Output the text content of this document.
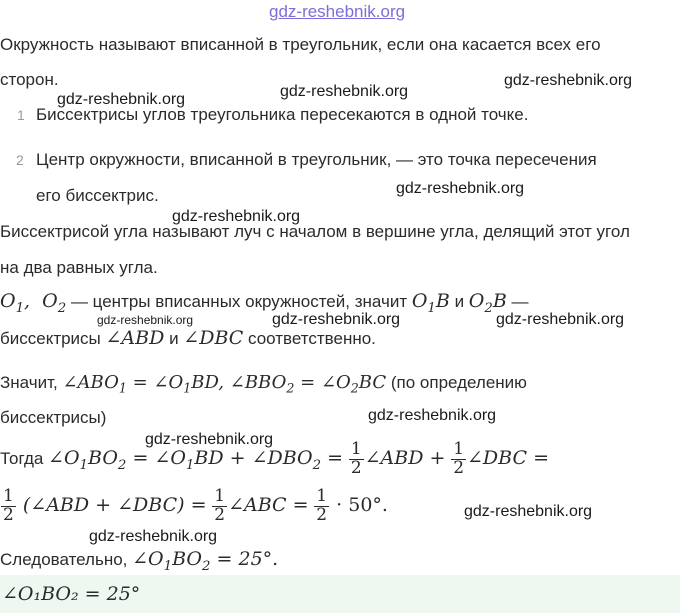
gdz-reshebnik.org
gdz-reshebnik.org
gdz-reshebnik.org	gdz-reshebnik.org
gdz-reshebnik.org
gdz-reshebnik.org
gdz-reshebnik.org	gdz-reshebnik.org	gdz-reshebnik.org
gdz-reshebnik.org
gdz-reshebnik.org
gdz-reshebnik.org
gdz-reshebnik.org
Окружность называют вписанной в треугольник, если она касается всех его
сторон.
1 Биссектрисы углов треугольника пересекаются в одной точке.
2 Центр окружности, вписанной в треугольник, — это точка пересечения
его биссектрис.
Биссектрисой угла называют луч с началом в вершине угла, делящий этот угол
на два равных угла.
$O_1$,  $O_2$ — центры вписанных окружностей, значит $O_1B$ и $O_2B$ —
биссектрисы ∠ABD и ∠DBC соответственно.
Значит, $\angle ABO_1$ = $\angle O_1BD$, $\angle BBO_2$ = $\angle O_2BC$ (по определению
биссектрисы)
Тогда $\angle O_1BO_2$ = $\angle O_1BD$ + $\angle DBO_2 = \frac{1}{2}$ ∠ABD + $\frac{1}{2}$ ∠DBC =
$\frac{1}{2}$ (∠ABD + ∠DBC) = $\frac{1}{2}$ ∠ABC = $\frac{1}{2} \cdot 50^\circ$.
Следовательно, $\angle O_1BO_2 = 25^\circ$.
∠O₁BO₂ = 25°
